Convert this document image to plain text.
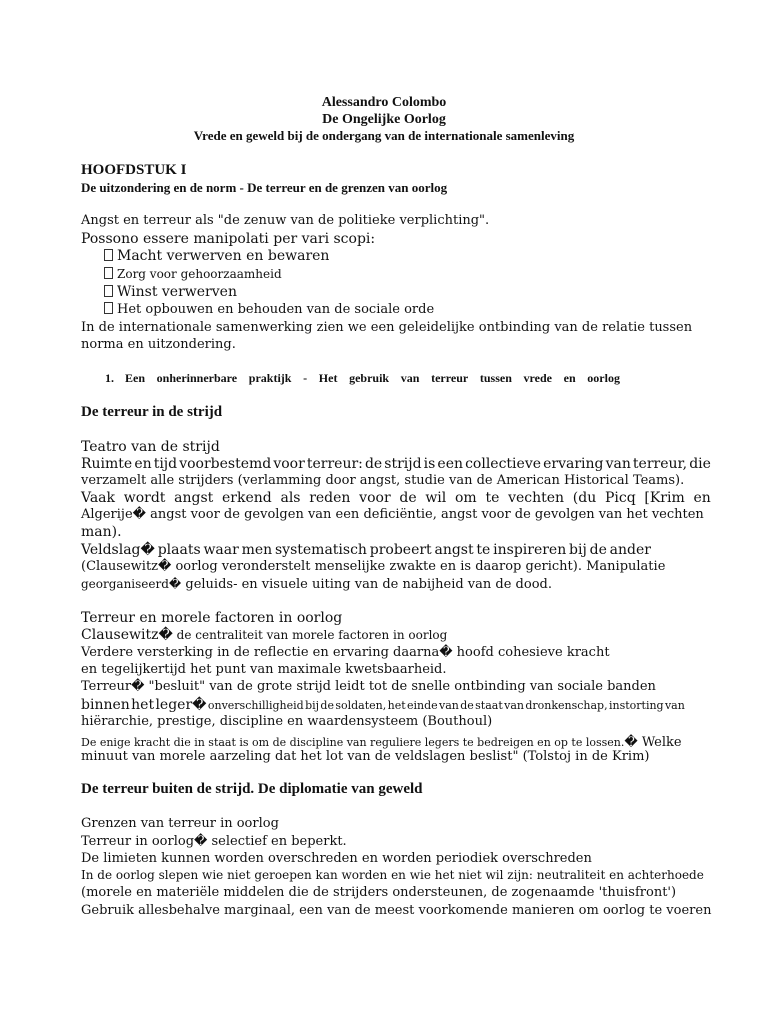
Alessandro Colombo
De Ongelijke Oorlog
Vrede en geweld bij de ondergang van de internationale samenleving
HOOFDSTUK I
De uitzondering en de norm - De terreur en de grenzen van oorlog
Angst en terreur als "de zenuw van de politieke verplichting".
Possono essere manipolati per vari scopi:
Macht verwerven en bewaren
Zorg voor gehoorzaamheid
Winst verwerven
Het opbouwen en behouden van de sociale orde
In de internationale samenwerking zien we een geleidelijke ontbinding van de relatie tussen
norma en uitzondering.
1. Een onherinnerbare praktijk - Het gebruik van terreur tussen vrede en oorlog
De terreur in de strijd
Teatro van de strijd
Ruimte en tijd voorbestemd voor terreur: de strijd is een collectieve ervaring van terreur, die
verzamelt alle strijders (verlamming door angst, studie van de American Historical Teams).
Vaak wordt angst erkend als reden voor de wil om te vechten (du Picq [Krim en
Algerije� angst voor de gevolgen van een deficiëntie, angst voor de gevolgen van het vechten
man).
Veldslag� plaats waar men systematisch probeert angst te inspireren bij de ander
(Clausewitz� oorlog veronderstelt menselijke zwakte en is daarop gericht). Manipulatie
georganiseerd� geluids- en visuele uiting van de nabijheid van de dood.
Terreur en morele factoren in oorlog
Clausewitz� de centraliteit van morele factoren in oorlog
Verdere versterking in de reflectie en ervaring daarna� hoofd cohesieve kracht
en tegelijkertijd het punt van maximale kwetsbaarheid.
Terreur� "besluit" van de grote strijd leidt tot de snelle ontbinding van sociale banden
binnen het leger� onverschilligheid bij de soldaten, het einde van de staat van dronkenschap, instorting van
hiërarchie, prestige, discipline en waardensysteem (Bouthoul)
De enige kracht die in staat is om de discipline van reguliere legers te bedreigen en op te lossen.� Welke
minuut van morele aarzeling dat het lot van de veldslagen beslist" (Tolstoj in de Krim)
De terreur buiten de strijd. De diplomatie van geweld
Grenzen van terreur in oorlog
Terreur in oorlog� selectief en beperkt.
De limieten kunnen worden overschreden en worden periodiek overschreden
In de oorlog slepen wie niet geroepen kan worden en wie het niet wil zijn: neutraliteit en achterhoede
(morele en materiële middelen die de strijders ondersteunen, de zogenaamde 'thuisfront')
Gebruik allesbehalve marginaal, een van de meest voorkomende manieren om oorlog te voeren
